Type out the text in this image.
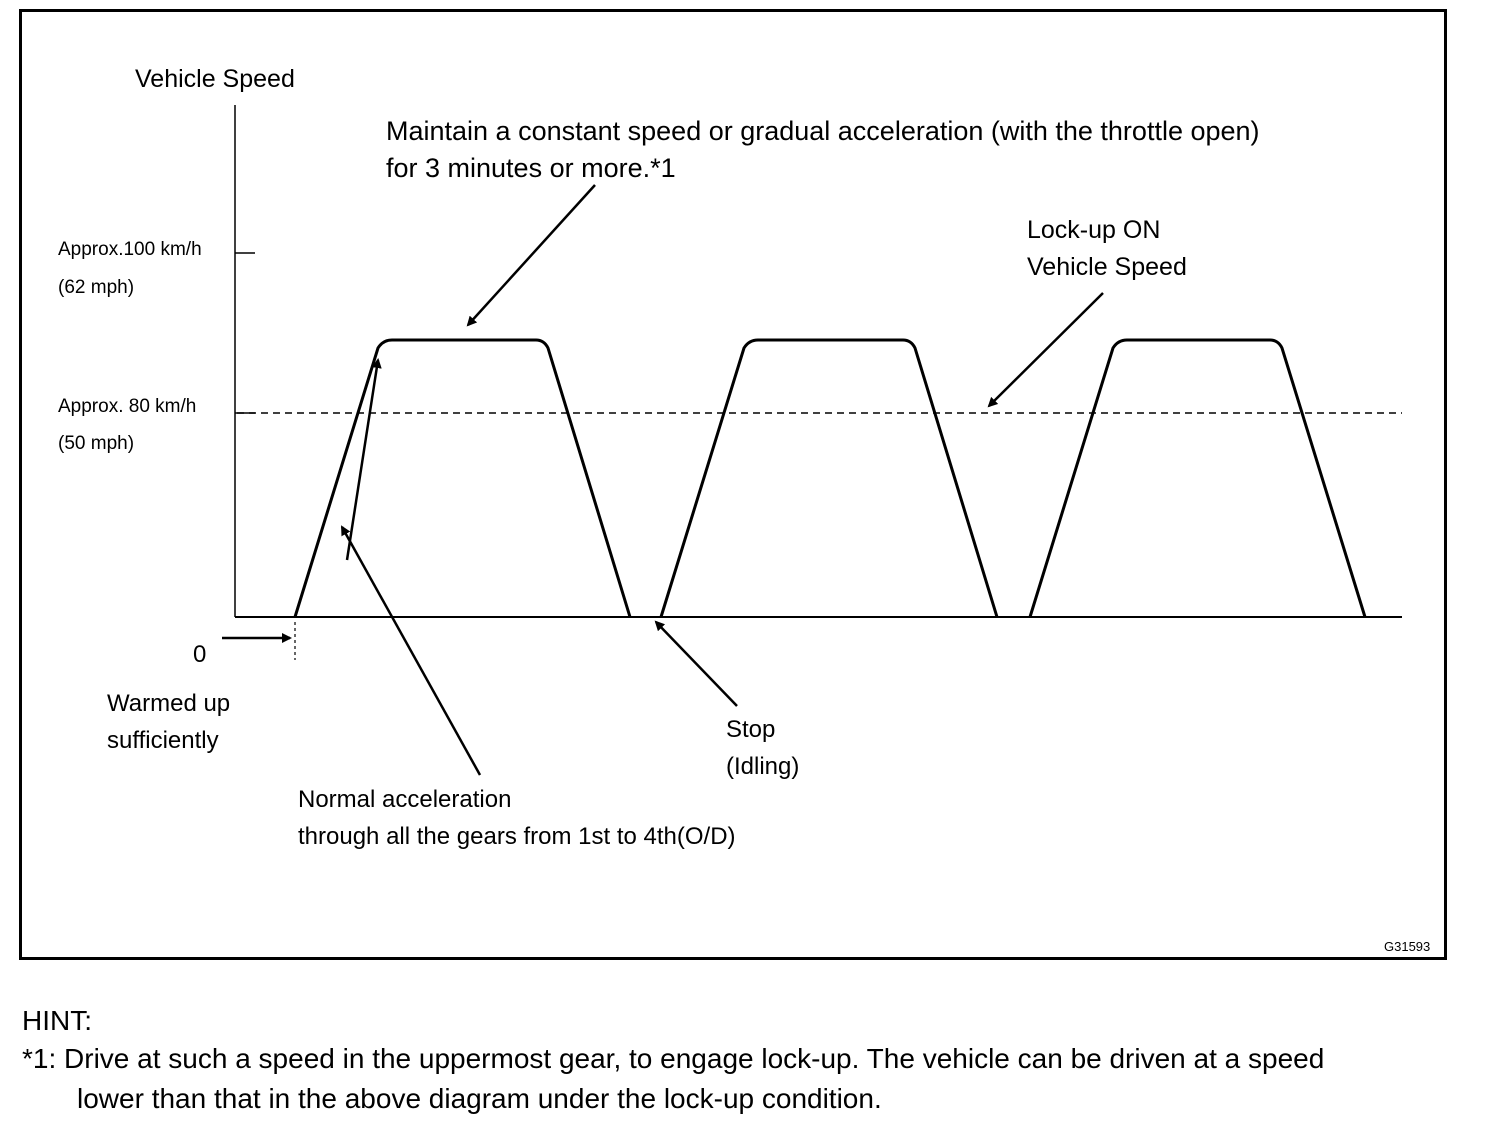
Vehicle Speed
Approx.100 km/h
(62 mph)
Approx. 80 km/h
(50 mph)
0
Maintain a constant speed or gradual acceleration (with the throttle open)
for 3 minutes or more.*1
Lock-up ON
Vehicle Speed
Warmed up
sufficiently	Stop
(Idling)
Normal acceleration
through all the gears from 1st to 4th(O/D)
G31593
HINT:
*1: Drive at such a speed in the uppermost gear, to engage lock-up. The vehicle can be driven at a speed
lower than that in the above diagram under the lock-up condition.
